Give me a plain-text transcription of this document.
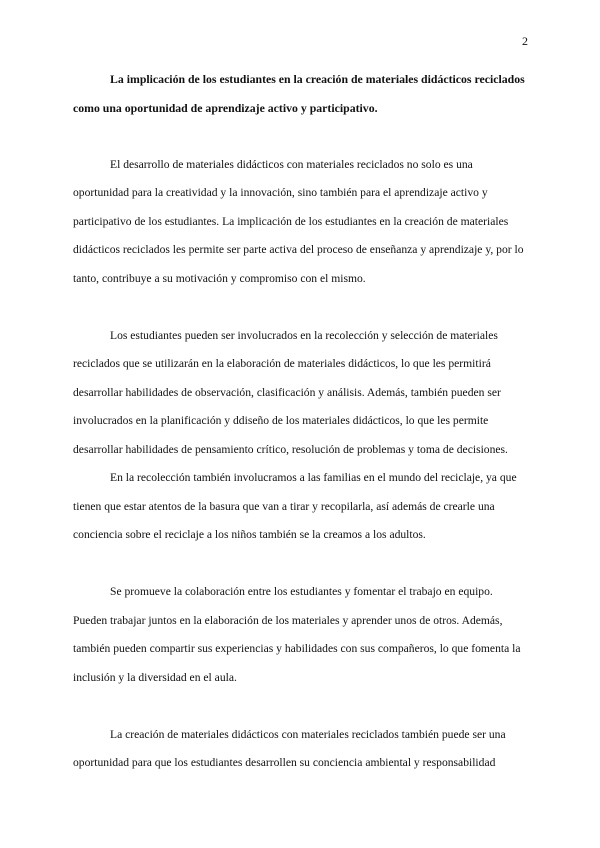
2

La implicación de los estudiantes en la creación de materiales didácticos reciclados como una oportunidad de aprendizaje activo y participativo.

El desarrollo de materiales didácticos con materiales reciclados no solo es una oportunidad para la creatividad y la innovación, sino también para el aprendizaje activo y participativo de los estudiantes. La implicación de los estudiantes en la creación de materiales didácticos reciclados les permite ser parte activa del proceso de enseñanza y aprendizaje y, por lo tanto, contribuye a su motivación y compromiso con el mismo.

Los estudiantes pueden ser involucrados en la recolección y selección de materiales reciclados que se utilizarán en la elaboración de materiales didácticos, lo que les permitirá desarrollar habilidades de observación, clasificación y análisis. Además, también pueden ser involucrados en la planificación y ddiseño de los materiales didácticos, lo que les permite desarrollar habilidades de pensamiento crítico, resolución de problemas y toma de decisiones.

En la recolección también involucramos a las familias en el mundo del reciclaje, ya que tienen que estar atentos de la basura que van a tirar y recopilarla, así además de crearle una conciencia sobre el reciclaje a los niños también se la creamos a los adultos.

Se promueve la colaboración entre los estudiantes y fomentar el trabajo en equipo. Pueden trabajar juntos en la elaboración de los materiales y aprender unos de otros. Además, también pueden compartir sus experiencias y habilidades con sus compañeros, lo que fomenta la inclusión y la diversidad en el aula.

La creación de materiales didácticos con materiales reciclados también puede ser una oportunidad para que los estudiantes desarrollen su conciencia ambiental y responsabilidad
